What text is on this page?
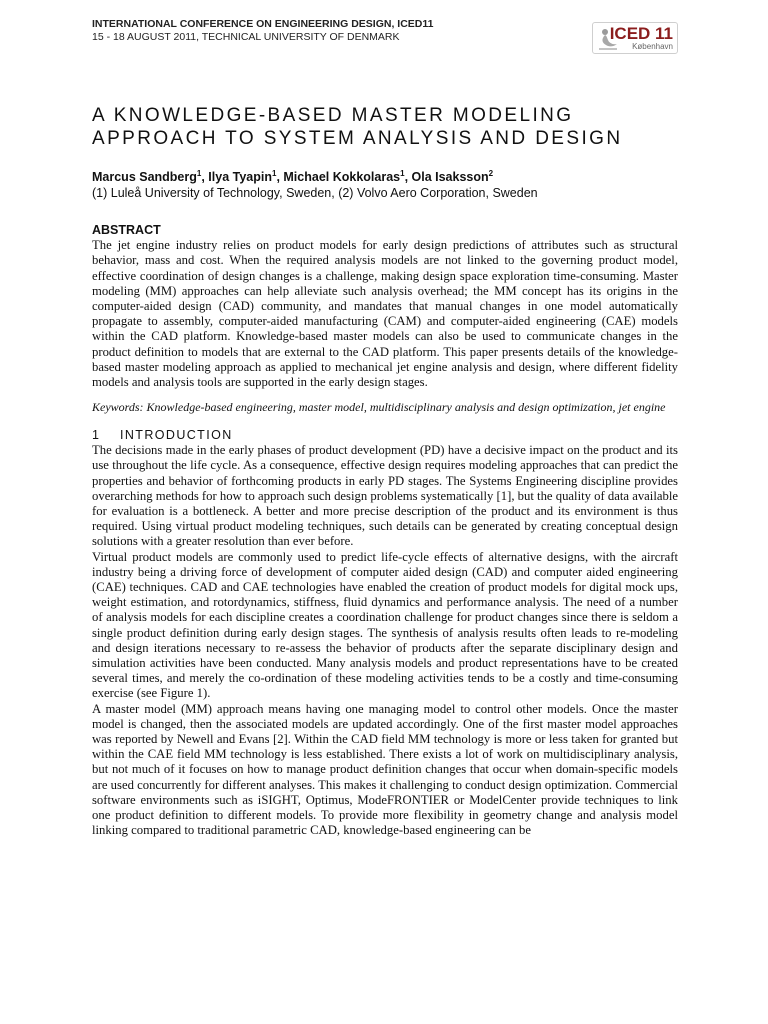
INTERNATIONAL CONFERENCE ON ENGINEERING DESIGN, ICED11
15 - 18 AUGUST 2011, TECHNICAL UNIVERSITY OF DENMARK	ICED 11
København
A KNOWLEDGE-BASED MASTER MODELING
APPROACH TO SYSTEM ANALYSIS AND DESIGN
Marcus Sandberg$^1$, Ilya Tyapin$^1$, Michael Kokkolaras$^1$, Ola Isaksson$^2$
(1) Luleå University of Technology, Sweden, (2) Volvo Aero Corporation, Sweden
ABSTRACT

The jet engine industry relies on product models for early design predictions of attributes such as structural behavior, mass and cost. When the required analysis models are not linked to the governing product model, effective coordination of design changes is a challenge, making design space exploration time-consuming. Master modeling (MM) approaches can help alleviate such analysis overhead; the MM concept has its origins in the computer-aided design (CAD) community, and mandates that manual changes in one model automatically propagate to assembly, computer-aided manufacturing (CAM) and computer-aided engineering (CAE) models within the CAD platform. Knowledge-based master models can also be used to communicate changes in the product definition to models that are external to the CAD platform. This paper presents details of the knowledge-based master modeling approach as applied to mechanical jet engine analysis and design, where different fidelity models and analysis tools are supported in the early design stages.

Keywords: Knowledge-based engineering, master model, multidisciplinary analysis and design optimization, jet engine

1 INTRODUCTION

The decisions made in the early phases of product development (PD) have a decisive impact on the product and its use throughout the life cycle. As a consequence, effective design requires modeling approaches that can predict the properties and behavior of forthcoming products in early PD stages. The Systems Engineering discipline provides overarching methods for how to approach such design problems systematically [1], but the quality of data available for evaluation is a bottleneck. A better and more precise description of the product and its environment is thus required. Using virtual product modeling techniques, such details can be generated by creating conceptual design solutions with a greater resolution than ever before.

Virtual product models are commonly used to predict life-cycle effects of alternative designs, with the aircraft industry being a driving force of development of computer aided design (CAD) and computer aided engineering (CAE) techniques. CAD and CAE technologies have enabled the creation of product models for digital mock ups, weight estimation, and rotordynamics, stiffness, fluid dynamics and performance analysis. The need of a number of analysis models for each discipline creates a coordination challenge for product changes since there is seldom a single product definition during early design stages. The synthesis of analysis results often leads to re-modeling and design iterations necessary to re-assess the behavior of products after the separate disciplinary design and simulation activities have been conducted. Many analysis models and product representations have to be created several times, and merely the co-ordination of these modeling activities tends to be a costly and time-consuming exercise (see Figure 1).

A master model (MM) approach means having one managing model to control other models. Once the master model is changed, then the associated models are updated accordingly. One of the first master model approaches was reported by Newell and Evans [2]. Within the CAD field MM technology is more or less taken for granted but within the CAE field MM technology is less established. There exists a lot of work on multidisciplinary analysis, but not much of it focuses on how to manage product definition changes that occur when domain-specific models are used concurrently for different analyses. This makes it challenging to conduct design optimization. Commercial software environments such as iSIGHT, Optimus, ModeFRONTIER or ModelCenter provide techniques to link one product definition to different models. To provide more flexibility in geometry change and analysis model linking compared to traditional parametric CAD, knowledge-based engineering can be
